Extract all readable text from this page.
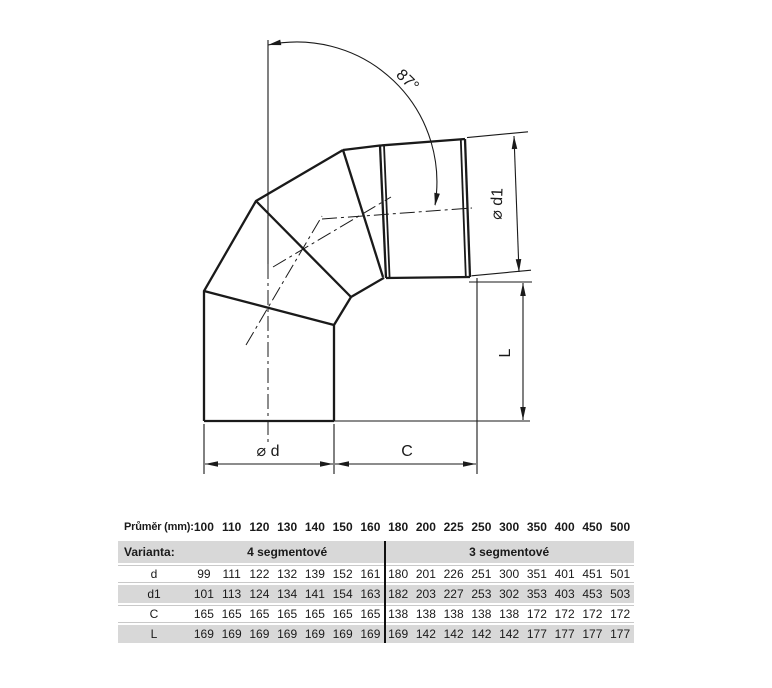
87°
⌀ d1
L
⌀ d	C
Průměr (mm): 100 110 120 130 140 150 160 180 200 225 250 300 350 400 450 500
Varianta:	4 segmentové	3 segmentové
d	99 111 122 132 139 152 161 180 201 226 251 300 351 401 451 501
d1	101 113 124 134 141 154 163 182 203 227 253 302 353 403 453 503
C	165 165 165 165 165 165 165 138 138 138 138 138 172 172 172 172
L	169 169 169 169 169 169 169 169 142 142 142 142 177 177 177 177
